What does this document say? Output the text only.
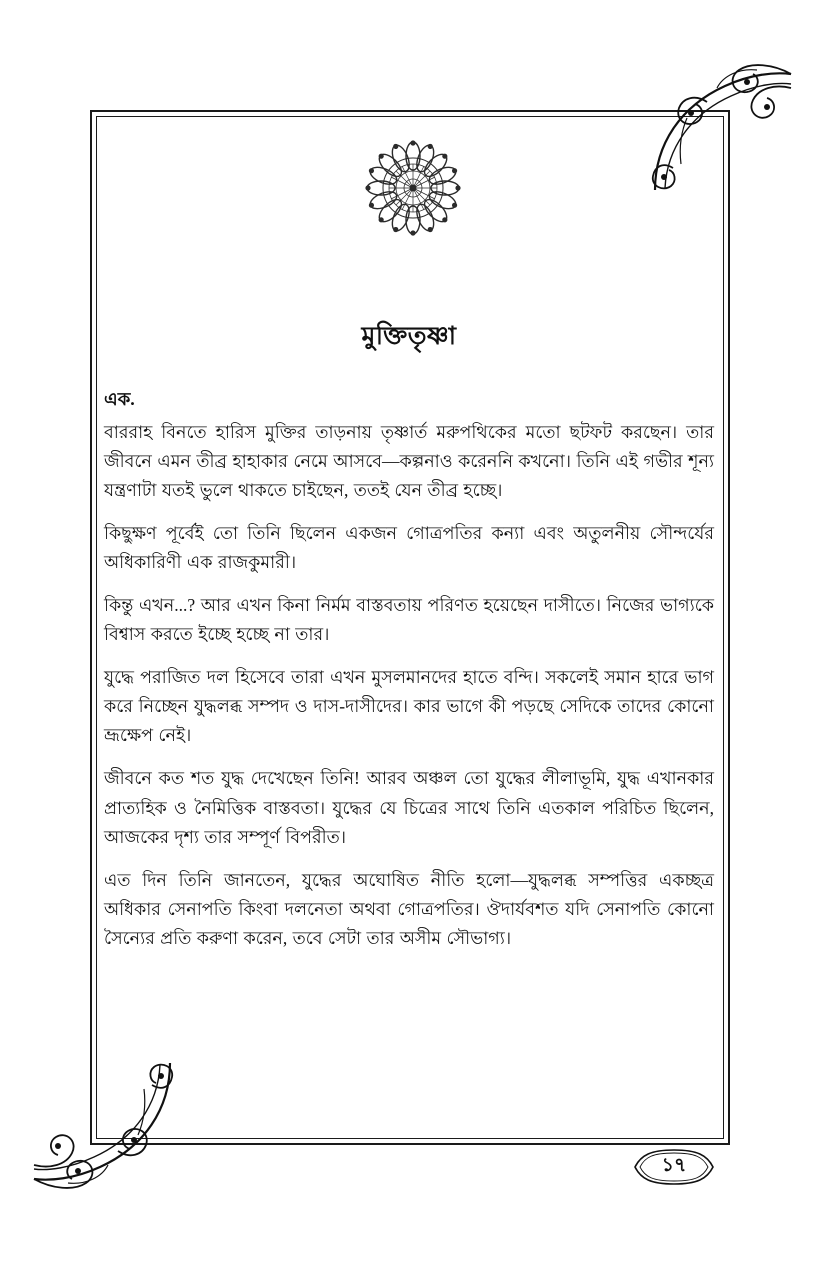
মুক্তিতৃষ্ণা
এক.

বাররাহ বিনতে হারিস মুক্তির তাড়নায় তৃষ্ণার্ত মরুপথিকের মতো ছটফট করছেন। তার জীবনে এমন তীব্র হাহাকার নেমে আসবে—কল্পনাও করেননি কখনো। তিনি এই গভীর শূন্য যন্ত্রণাটা যতই ভুলে থাকতে চাইছেন, ততই যেন তীব্র হচ্ছে।

কিছুক্ষণ পূর্বেই তো তিনি ছিলেন একজন গোত্রপতির কন্যা এবং অতুলনীয় সৌন্দর্যের অধিকারিণী এক রাজকুমারী।

কিন্তু এখন...? আর এখন কিনা নির্মম বাস্তবতায় পরিণত হয়েছেন দাসীতে। নিজের ভাগ্যকে বিশ্বাস করতে ইচ্ছে হচ্ছে না তার।

যুদ্ধে পরাজিত দল হিসেবে তারা এখন মুসলমানদের হাতে বন্দি। সকলেই সমান হারে ভাগ করে নিচ্ছেন যুদ্ধলব্ধ সম্পদ ও দাস-দাসীদের। কার ভাগে কী পড়ছে সেদিকে তাদের কোনো ভ্রূক্ষেপ নেই।

জীবনে কত শত যুদ্ধ দেখেছেন তিনি! আরব অঞ্চল তো যুদ্ধের লীলাভূমি, যুদ্ধ এখানকার প্রাত্যহিক ও নৈমিত্তিক বাস্তবতা। যুদ্ধের যে চিত্রের সাথে তিনি এতকাল পরিচিত ছিলেন, আজকের দৃশ্য তার সম্পূর্ণ বিপরীত।

এত দিন তিনি জানতেন, যুদ্ধের অঘোষিত নীতি হলো—যুদ্ধলব্ধ সম্পত্তির একচ্ছত্র অধিকার সেনাপতি কিংবা দলনেতা অথবা গোত্রপতির। ঔদার্যবশত যদি সেনাপতি কোনো সৈন্যের প্রতি করুণা করেন, তবে সেটা তার অসীম সৌভাগ্য।

১৭
